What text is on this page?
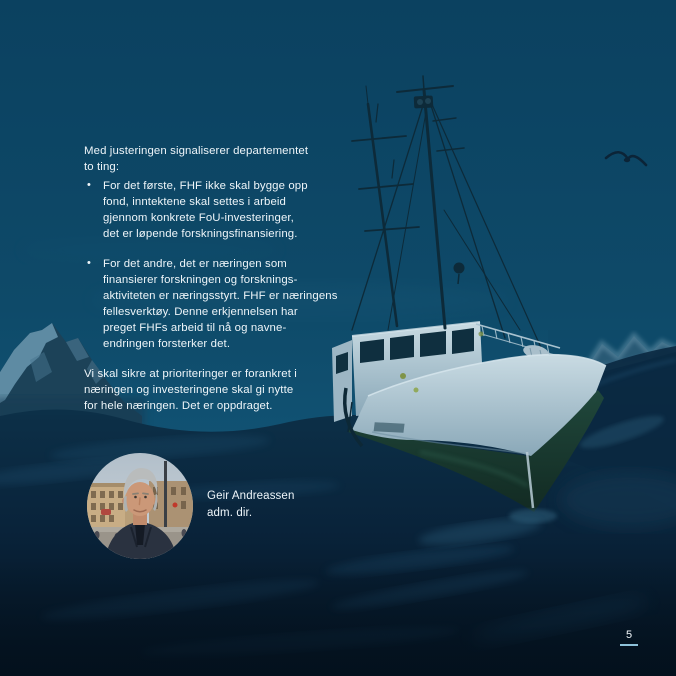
Med justeringen signaliserer departementet
to ting:

• For det første, FHF ikke skal bygge opp
fond, inntektene skal settes i arbeid
gjennom konkrete FoU-investeringer,
det er løpende forskningsfinansiering.
• For det andre, det er næringen som
finansierer forskningen og forsknings-
aktiviteten er næringsstyrt. FHF er næringens
fellesverktøy. Denne erkjennelsen har
preget FHFs arbeid til nå og navne-
endringen forsterker det.

Vi skal sikre at prioriteringer er forankret i
næringen og investeringene skal gi nytte
for hele næringen. Det er oppdraget.

Geir Andreassen
adm. dir.
5
